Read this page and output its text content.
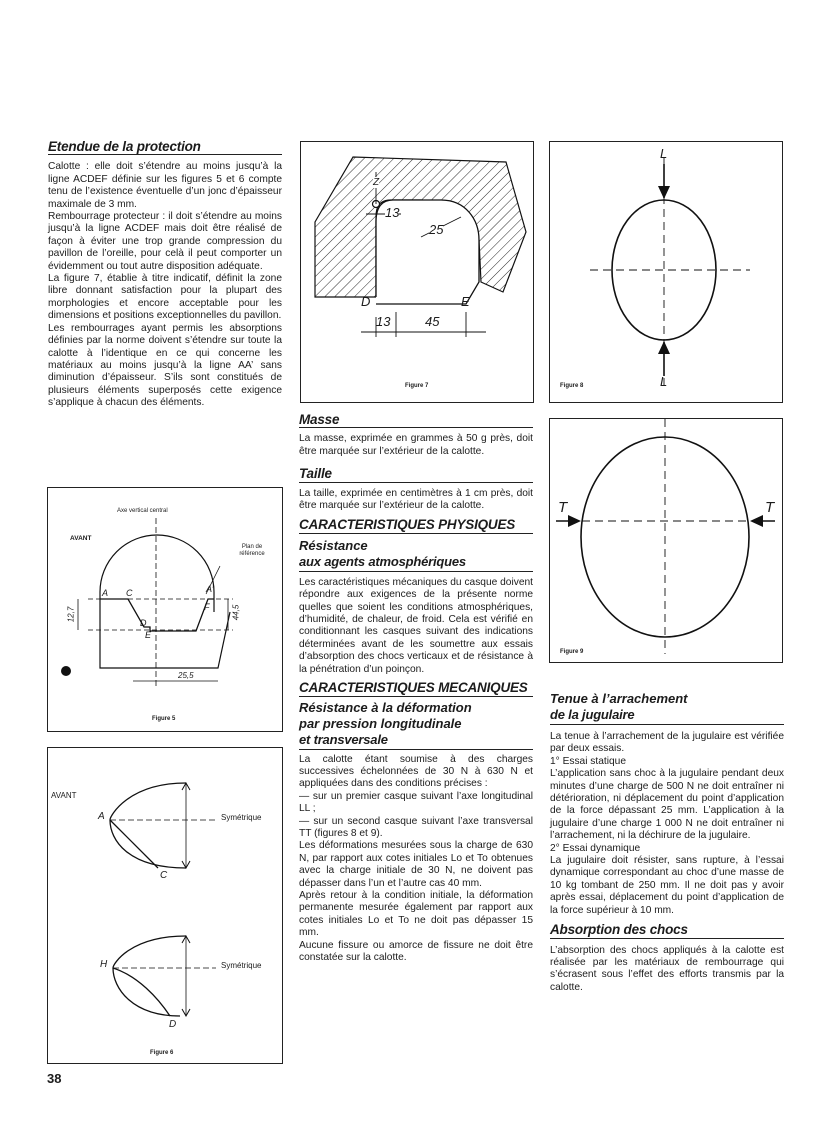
Etendue de la protection

Calotte : elle doit s’étendre au moins jusqu’à la ligne ACDEF définie sur les figures 5 et 6 compte tenu de l’existence éventuelle d’un jonc d’épaisseur maximale de 3 mm.

Rembourrage protecteur : il doit s’étendre au moins jusqu’à la ligne ACDEF mais doit être réalisé de façon à éviter une trop grande compression du pavillon de l’oreille, pour celà il peut comporter un évidemment ou tout autre disposition adéquate.

La figure 7, établie à titre indicatif, définit la zone libre donnant satisfaction pour la plupart des morphologies et encore acceptable pour les dimensions et positions exceptionnelles du pavillon.

Les rembourrages ayant permis les absorptions définies par la norme doivent s’étendre sur toute la calotte à l’identique en ce qui concerne les matériaux au moins jusqu’à la ligne AA’ sans diminution d’épaisseur. S’ils sont constitués de plusieurs éléments superposés cette exigence s’applique à chacun des éléments.

Axe vertical central
AVANT
Plan de référence
A C
D
E
A’
F
12,7	44,5
25,5
Figure 5
AVANT
Symétrique
Symétrique
A
C
H
D
Figure 6
Z
13
25
D	E
13	45
Figure 7
L
L
Figure 8
T	T
Figure 9
Masse

La masse, exprimée en grammes à 50 g près, doit être marquée sur l’extérieur de la calotte.

Taille

La taille, exprimée en centimètres à 1 cm près, doit être marquée sur l’extérieur de la calotte.

CARACTERISTIQUES PHYSIQUES
Résistance
aux agents atmosphériques

Les caractéristiques mécaniques du casque doivent répondre aux exigences de la présente norme quelles que soient les conditions atmosphériques, d’humidité, de chaleur, de froid. Cela est vérifié en conditionnant les casques suivant des indications déterminées avant de les soumettre aux essais d’absorption des chocs verticaux et de résistance à la pénétration d’un poinçon.

CARACTERISTIQUES MECANIQUES
Résistance à la déformation
par pression longitudinale
et transversale

La calotte étant soumise à des charges successives échelonnées de 30 N à 630 N et appliquées dans des conditions précises :

— sur un premier casque suivant l’axe longitudinal LL ;

— sur un second casque suivant l’axe transversal TT (figures 8 et 9).

Les déformations mesurées sous la charge de 630 N, par rapport aux cotes initiales Lo et To obtenues avec la charge initiale de 30 N, ne doivent pas dépasser dans l’un et l’autre cas 40 mm.

Après retour à la condition initiale, la déformation permanente mesurée également par rapport aux cotes initiales Lo et To ne doit pas dépasser 15 mm.

Aucune fissure ou amorce de fissure ne doit être constatée sur la calotte.

Tenue à l’arrachement
de la jugulaire

La tenue à l’arrachement de la jugulaire est vérifiée par deux essais.

1° Essai statique

L’application sans choc à la jugulaire pendant deux minutes d’une charge de 500 N ne doit entraîner ni détérioration, ni déplacement du point d’application de la force dépassant 25 mm. L’application à la jugulaire d’une charge 1 000 N ne doit entraîner ni l’arrachement, ni la déchirure de la jugulaire.

2° Essai dynamique

La jugulaire doit résister, sans rupture, à l’essai dynamique correspondant au choc d’une masse de 10 kg tombant de 250 mm. Il ne doit pas y avoir après essai, déplacement du point d’application de la force supérieur à 10 mm.

Absorption des chocs

L’absorption des chocs appliqués à la calotte est réalisée par les matériaux de rembourrage qui s’écrasent sous l’effet des efforts transmis par la calotte.

38
